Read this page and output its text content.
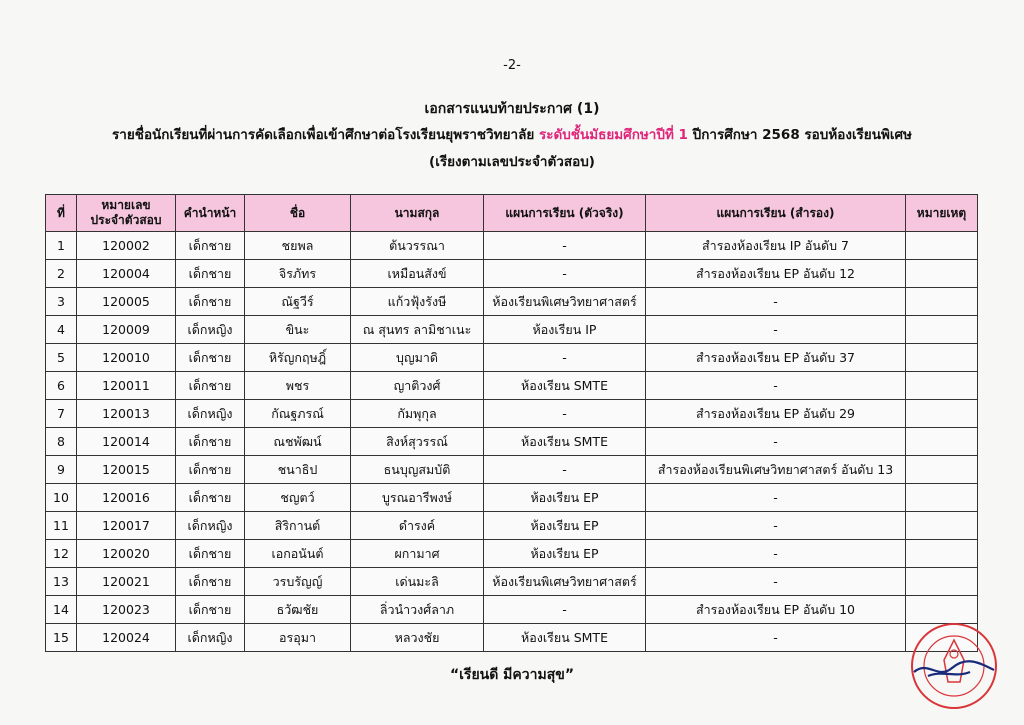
-2-
เอกสารแนบท้ายประกาศ (1)
รายชื่อนักเรียนที่ผ่านการคัดเลือกเพื่อเข้าศึกษาต่อโรงเรียนยุพราชวิทยาลัย ระดับชั้นมัธยมศึกษาปีที่ 1 ปีการศึกษา 2568 รอบห้องเรียนพิเศษ
(เรียงตามเลขประจำตัวสอบ)
ที่	หมายเลข
ประจำตัวสอบ	คำนำหน้า	ชื่อ	นามสกุล	แผนการเรียน (ตัวจริง)	แผนการเรียน (สำรอง)	หมายเหตุ
1	120002	เด็กชาย	ชยพล	ต้นวรรณา	-	สำรองห้องเรียน IP อันดับ 7	
2	120004	เด็กชาย	จิรภัทร	เหมือนสังข์	-	สำรองห้องเรียน EP อันดับ 12	
3	120005	เด็กชาย	ณัฐวีร์	แก้วฟุ้งรังษี	ห้องเรียนพิเศษวิทยาศาสตร์	-	
4	120009	เด็กหญิง	ขินะ	ณ สุนทร ลามิชาเนะ	ห้องเรียน IP	-	
5	120010	เด็กชาย	หิรัญกฤษฎิ์	บุญมาดิ	-	สำรองห้องเรียน EP อันดับ 37	
6	120011	เด็กชาย	พชร	ญาติวงศ์	ห้องเรียน SMTE	-	
7	120013	เด็กหญิง	กัณฐภรณ์	กัมพุกุล	-	สำรองห้องเรียน EP อันดับ 29	
8	120014	เด็กชาย	ณชพัฒน์	สิงห์สุวรรณ์	ห้องเรียน SMTE	-	
9	120015	เด็กชาย	ชนาธิป	ธนบุญสมบัติ	-	สำรองห้องเรียนพิเศษวิทยาศาสตร์ อันดับ 13	
10	120016	เด็กชาย	ชญตว์	บูรณอารีพงษ์	ห้องเรียน EP	-	
11	120017	เด็กหญิง	สิริกานต์	ดำรงค์	ห้องเรียน EP	-	
12	120020	เด็กชาย	เอกอนันต์	ผกามาศ	ห้องเรียน EP	-	
13	120021	เด็กชาย	วรบรัญญ์	เด่นมะลิ	ห้องเรียนพิเศษวิทยาศาสตร์	-	
14	120023	เด็กชาย	ธวัฒชัย	ลิ่วนำวงศ์ลาภ	-	สำรองห้องเรียน EP อันดับ 10	
15	120024	เด็กหญิง	อรอุมา	หลวงชัย	ห้องเรียน SMTE	-	
“เรียนดี มีความสุข”
